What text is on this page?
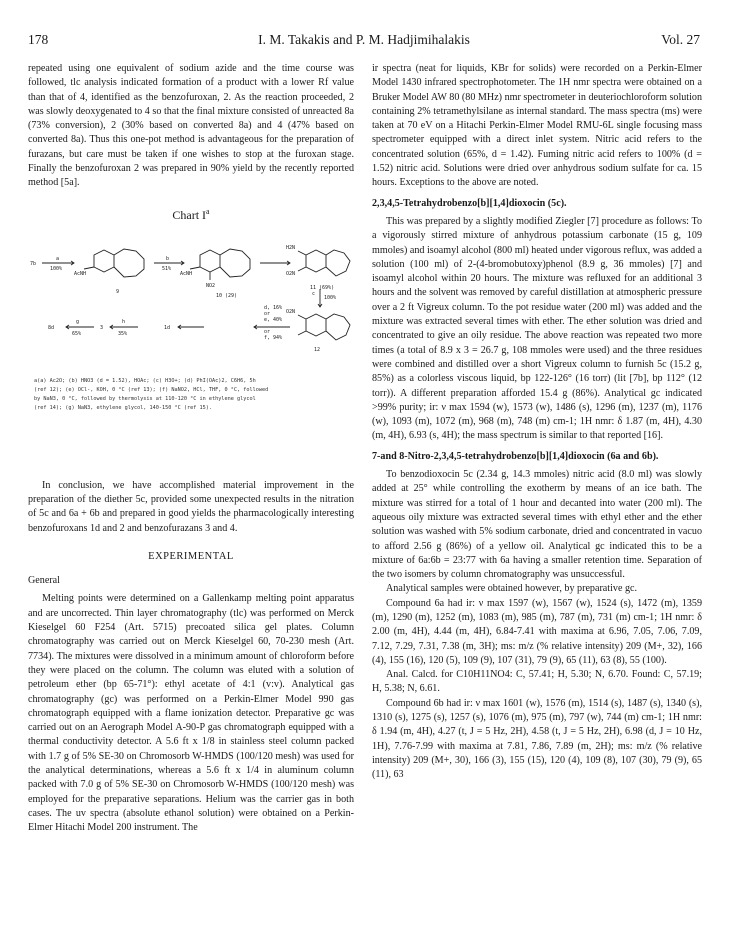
178	I. M. Takakis and P. M. Hadjimihalakis	Vol. 27

repeated using one equivalent of sodium azide and the time course was followed, tlc analysis indicated formation of a product with a lower Rf value than that of 4, identified as the benzofuroxan, 2. As the reaction proceeded, 2 was slowly deoxygenated to 4 so that the final mixture consisted of unreacted 8a (73% conversion), 2 (30% based on converted 8a) and 4 (47% based on converted 8a). Thus this one-pot method is advantageous for the preparation of furazans, but care must be taken if one wishes to stop at the furoxan stage. Finally the benzofuroxan 2 was prepared in 90% yield by the recently reported method [5a].

Chart $I^a$
7b
a
100%
b
51%
AcNH	AcNH
NO2
H2N
O2N
O2N
9
10 (29)
11 (69%)
c
100%
d, 16%
or
e, 40%
or
f, 94%
12
8d
g
65%
3
h
35%
1d
a(a) Ac2O; (b) HNO3 (d = 1.52), HOAc; (c) H3O+; (d) PhI(OAc)2, C6H6, 5h
(ref 12); (e) OCl-, KOH, 0 °C (ref 13); (f) NaNO2, HCl, THF, 0 °C, followed
by NaN3, 0 °C, followed by thermolysis at 110-120 °C in ethylene glycol
(ref 14); (g) NaN3, ethylene glycol, 140-150 °C (ref 15).

In conclusion, we have accomplished material improvement in the preparation of the diether 5c, provided some unexpected results in the nitration of 5c and 6a + 6b and prepared in good yields the pharmacologically interesting benzofuroxans 1d and 2 and benzofurazans 3 and 4.

EXPERIMENTAL

General

Melting points were determined on a Gallenkamp melting point apparatus and are uncorrected. Thin layer chromatography (tlc) was performed on Merck Kieselgel 60 F254 (Art. 5715) precoated silica gel plates. Column chromatography was carried out on Merck Kieselgel 60, 70-230 mesh (Art. 7734). The mixtures were dissolved in a minimum amount of chloroform before they were placed on the column. The column was eluted with a solution of petroleum ether (bp 65-71°): ethyl acetate of 4:1 (v:v). Analytical gas chromatography (gc) was performed on a Perkin-Elmer Model 990 gas chromatograph equipped with a flame ionization detector. Preparative gc was carried out on an Aerograph Model A-90-P gas chromatograph equipped with a thermal conductivity detector. A 5.6 ft x 1/8 in stainless steel column packed with 1.7 g of 5% SE-30 on Chromosorb W-HMDS (100/120 mesh) was used for the analytical determinations, whereas a 5.6 ft x 1/4 in aluminum column packed with 7.0 g of 5% SE-30 on Chromosorb W-HMDS (100/120 mesh) was employed for the preparative separations. Helium was the carrier gas in both cases. The uv spectra (absolute ethanol solution) were obtained on a Perkin-Elmer Hitachi Model 200 instrument. The

ir spectra (neat for liquids, KBr for solids) were recorded on a Perkin-Elmer Model 1430 infrared spectrophotometer. The 1H nmr spectra were obtained on a Bruker Model AW 80 (80 MHz) nmr spectrometer in deuteriochloroform solution containing 2% tetramethylsilane as internal standard. The mass spectra (ms) were taken at 70 eV on a Hitachi Perkin-Elmer Model RMU-6L single focusing mass spectrometer equipped with a direct inlet system. Nitric acid refers to the concentrated solution (65%, d = 1.42). Fuming nitric acid refers to 100% (d = 1.52) nitric acid. Solutions were dried over anhydrous sodium sulfate for ca. 15 hours. Exceptions to the above are noted.

2,3,4,5-Tetrahydrobenzo[b][1,4]dioxocin (5c).

This was prepared by a slightly modified Ziegler [7] procedure as follows: To a vigorously stirred mixture of anhydrous potassium carbonate (15 g, 109 mmoles) and isoamyl alcohol (800 ml) heated under vigorous reflux, was added a solution (100 ml) of 2-(4-bromobutoxy)phenol (8.9 g, 36 mmoles) [7] and isoamyl alcohol within 20 hours. The mixture was refluxed for an additional 3 hours and the solvent was removed by careful distillation at atmospheric pressure over a 2 ft Vigreux column. To the pot residue water (200 ml) was added and the mixture was extracted several times with ether. The ether solution was dried and concentrated to give an oily residue. The above reaction was repeated two more times (a total of 8.9 x 3 = 26.7 g, 108 mmoles were used) and the three residues were combined and distilled over a short Vigreux column to furnish 5c (15.2 g, 85%) as a colorless viscous liquid, bp 122-126° (16 torr) (lit [7b], bp 112° (12 torr)). A different preparation afforded 15.4 g (86%). Analytical gc indicated >99% purity; ir: ν max 1594 (w), 1573 (w), 1486 (s), 1296 (m), 1237 (m), 1176 (w), 1093 (m), 1072 (m), 968 (m), 748 (m) cm-1; 1H nmr: δ 1.87 (m, 4H), 4.30 (m, 4H), 6.93 (s, 4H); the mass spectrum is similar to that reported [16].

7-and 8-Nitro-2,3,4,5-tetrahydrobenzo[b][1,4]dioxocin (6a and 6b).

To benzodioxocin 5c (2.34 g, 14.3 mmoles) nitric acid (8.0 ml) was slowly added at 25° while controlling the exotherm by means of an ice bath. The mixture was stirred for a total of 1 hour and decanted into water (200 ml). The aqueous oily mixture was extracted several times with ethyl ether and the ether solution was washed with 5% sodium carbonate, dried and concentrated in vacuo to afford 2.56 g (86%) of a yellow oil. Analytical gc indicated this to be a mixture of 6a:6b = 23:77 with 6a having a smaller retention time. Separation of the two isomers by column chromatography was unsuccessful.

Analytical samples were obtained however, by preparative gc.

Compound 6a had ir: ν max 1597 (w), 1567 (w), 1524 (s), 1472 (m), 1359 (m), 1290 (m), 1252 (m), 1083 (m), 985 (m), 787 (m), 731 (m) cm-1; 1H nmr: δ 2.00 (m, 4H), 4.44 (m, 4H), 6.84-7.41 with maxima at 6.96, 7.05, 7.06, 7.09, 7.12, 7.29, 7.31, 7.38 (m, 3H); ms: m/z (% relative intensity) 209 (M+, 32), 166 (4), 155 (16), 120 (5), 109 (9), 107 (31), 79 (9), 65 (11), 63 (8), 55 (100).

Anal. Calcd. for C10H11NO4: C, 57.41; H, 5.30; N, 6.70. Found: C, 57.19; H, 5.38; N, 6.61.

Compound 6b had ir: ν max 1601 (w), 1576 (m), 1514 (s), 1487 (s), 1340 (s), 1310 (s), 1275 (s), 1257 (s), 1076 (m), 975 (m), 797 (w), 744 (m) cm-1; 1H nmr: δ 1.94 (m, 4H), 4.27 (t, J = 5 Hz, 2H), 4.58 (t, J = 5 Hz, 2H), 6.98 (d, J = 10 Hz, 1H), 7.76-7.99 with maxima at 7.81, 7.86, 7.89 (m, 2H); ms: m/z (% relative intensity) 209 (M+, 30), 166 (3), 155 (15), 120 (4), 109 (8), 107 (30), 79 (9), 65 (11), 63
